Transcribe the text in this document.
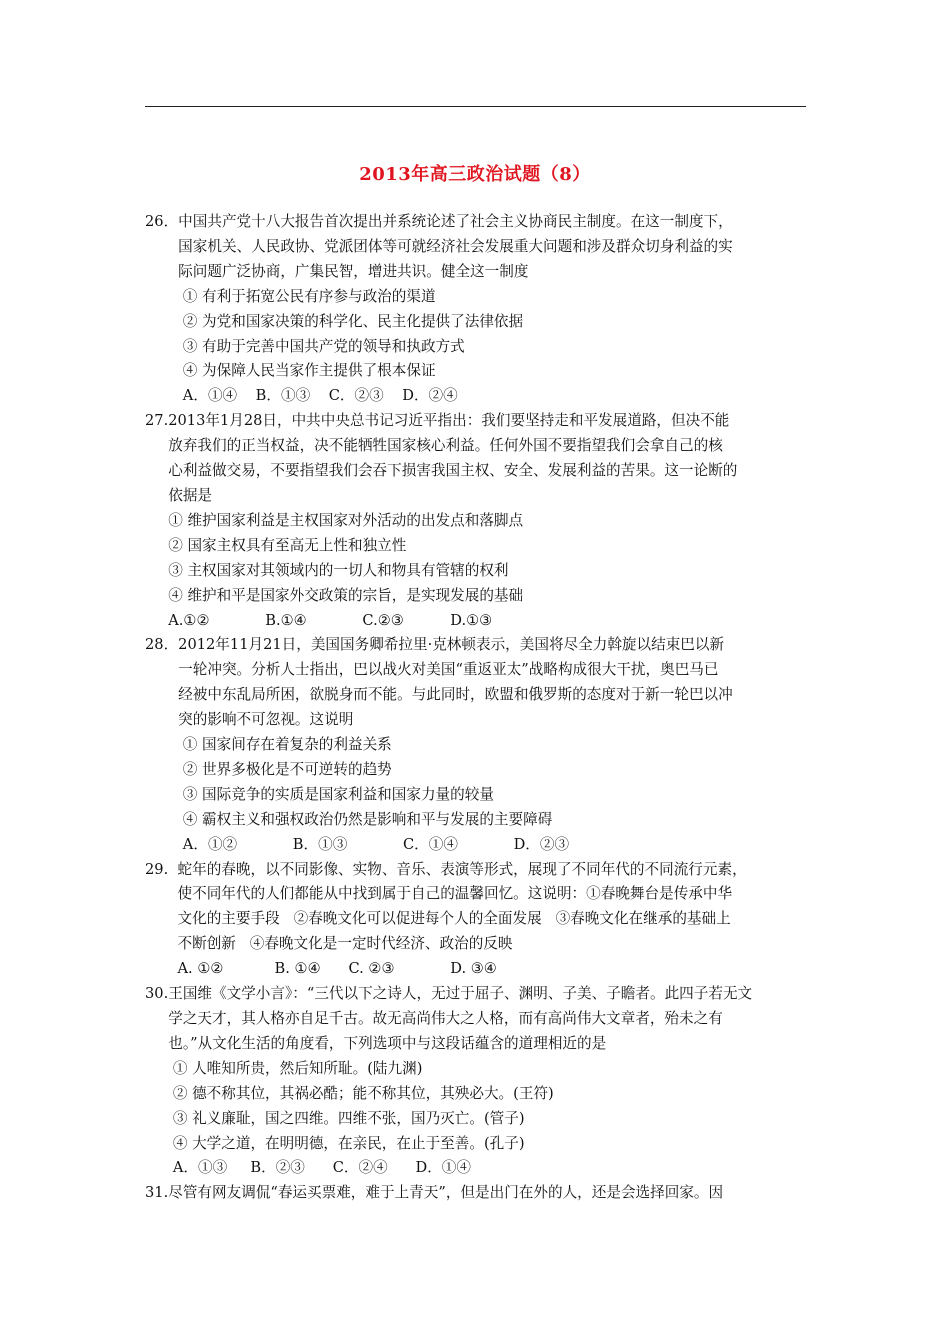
2013年高三政治试题（8）
26． 中国共产党十八大报告首次提出并系统论述了社会主义协商民主制度。在这一制度下，
国家机关、人民政协、党派团体等可就经济社会发展重大问题和涉及群众切身利益的实
际问题广泛协商，广集民智，增进共识。健全这一制度
① 有利于拓宽公民有序参与政治的渠道
② 为党和国家决策的科学化、民主化提供了法律依据
③ 有助于完善中国共产党的领导和执政方式
④ 为保障人民当家作主提供了根本保证
A．①④    B．①③    C．②③    D．②④
27. 2013年1月28日，中共中央总书记习近平指出：我们要坚持走和平发展道路，但决不能
放弃我们的正当权益，决不能牺牲国家核心利益。任何外国不要指望我们会拿自己的核
心利益做交易，不要指望我们会吞下损害我国主权、安全、发展利益的苦果。这一论断的
依据是
① 维护国家利益是主权国家对外活动的出发点和落脚点
② 国家主权具有至高无上性和独立性
③ 主权国家对其领域内的一切人和物具有管辖的权利
④ 维护和平是国家外交政策的宗旨，是实现发展的基础
A.①②            B.①④            C.②③          D.①③
28． 2012年11月21日，美国国务卿希拉里·克林顿表示，美国将尽全力斡旋以结束巴以新
一轮冲突。分析人士指出，巴以战火对美国“重返亚太”战略构成很大干扰，奥巴马已
经被中东乱局所困，欲脱身而不能。与此同时，欧盟和俄罗斯的态度对于新一轮巴以冲
突的影响不可忽视。这说明
① 国家间存在着复杂的利益关系
② 世界多极化是不可逆转的趋势
③ 国际竞争的实质是国家利益和国家力量的较量
④ 霸权主义和强权政治仍然是影响和平与发展的主要障碍
A．①②            B．①③            C．①④            D．②③
29. 蛇年的春晚，以不同影像、实物、音乐、表演等形式，展现了不同年代的不同流行元素，
使不同年代的人们都能从中找到属于自己的温馨回忆。这说明：①春晚舞台是传承中华
文化的主要手段   ②春晚文化可以促进每个人的全面发展   ③春晚文化在继承的基础上
不断创新   ④春晚文化是一定时代经济、政治的反映
A. ①②           B. ①④      C. ②③            D. ③④
30. 王国维《文学小言》：“三代以下之诗人，无过于屈子、渊明、子美、子瞻者。此四子若无文
学之天才，其人格亦自足千古。故无高尚伟大之人格，而有高尚伟大文章者，殆未之有
也。”从文化生活的角度看，下列选项中与这段话蕴含的道理相近的是
① 人唯知所贵，然后知所耻。(陆九渊)
② 德不称其位，其祸必酷；能不称其位，其殃必大。(王符)
③ 礼义廉耻，国之四维。四维不张，国乃灭亡。(管子)
④ 大学之道，在明明德，在亲民，在止于至善。(孔子)
A．①③     B．②③      C．②④      D．①④
31. 尽管有网友调侃“春运买票难，难于上青天”，但是出门在外的人，还是会选择回家。因
